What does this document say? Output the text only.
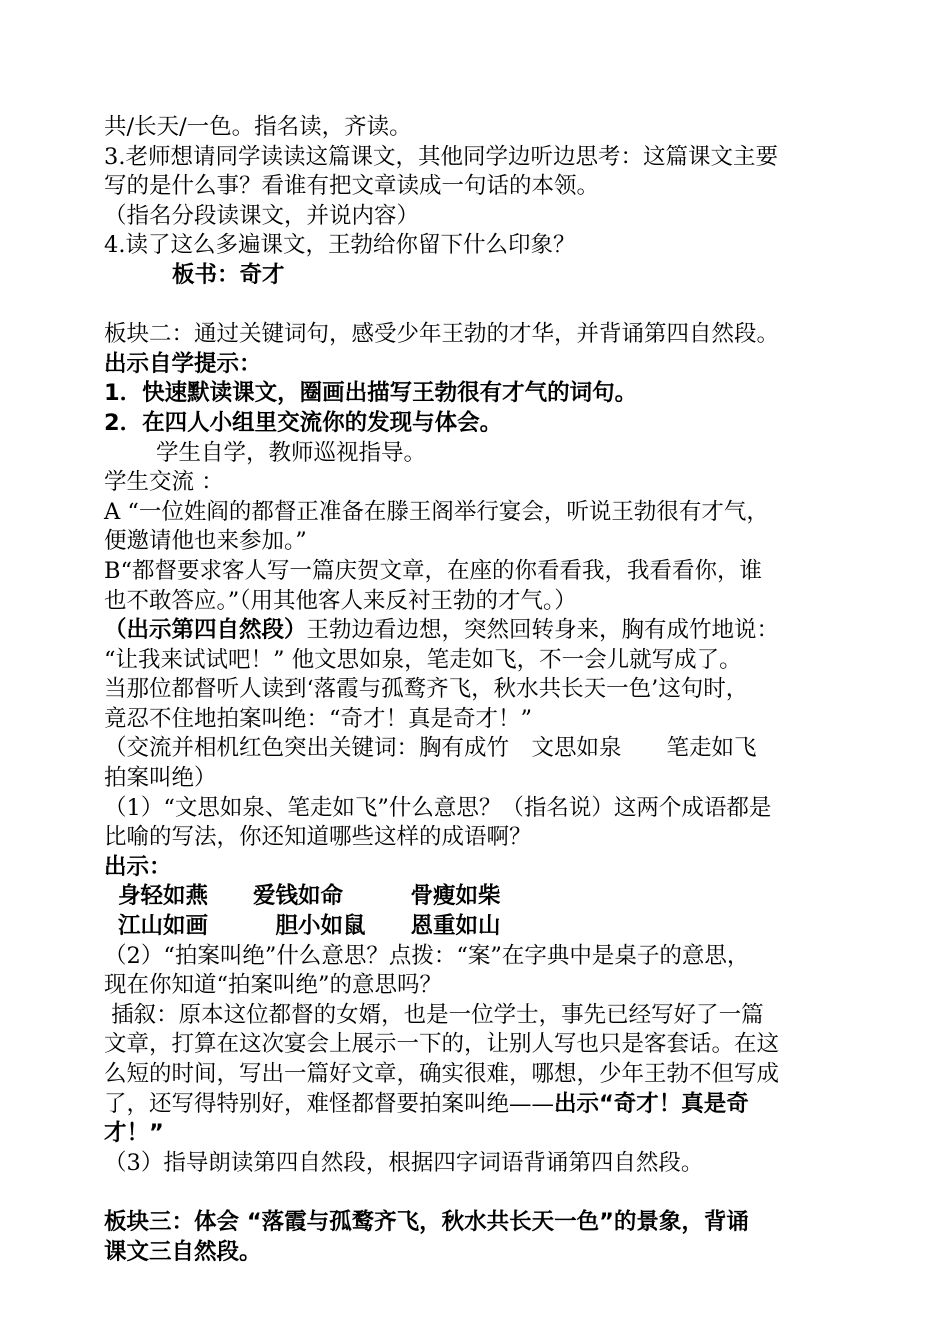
共/长天/一色。指名读，齐读。
3.老师想请同学读读这篇课文，其他同学边听边思考：这篇课文主要
写的是什么事？看谁有把文章读成一句话的本领。
（指名分段读课文，并说内容）
4.读了这么多遍课文，王勃给你留下什么印象？
板书：奇才
板块二：通过关键词句，感受少年王勃的才华，并背诵第四自然段。
出示自学提示：
1．快速默读课文，圈画出描写王勃很有才气的词句。
2．在四人小组里交流你的发现与体会。
学生自学，教师巡视指导。
学生交流 ：
A “一位姓阎的都督正准备在滕王阁举行宴会，听说王勃很有才气，
便邀请他也来参加。”
B“都督要求客人写一篇庆贺文章，在座的你看看我，我看看你，谁
也不敢答应。”（用其他客人来反衬王勃的才气。）
（出示第四自然段）王勃边看边想，突然回转身来，胸有成竹地说：
“让我来试试吧！” 他文思如泉，笔走如飞，不一会儿就写成了。
当那位都督听人读到‘落霞与孤鹜齐飞，秋水共长天一色’这句时，
竟忍不住地拍案叫绝：“奇才！真是奇才！”
（交流并相机红色突出关键词：胸有成竹　文思如泉　　笔走如飞
拍案叫绝）
（1）“文思如泉、笔走如飞”什么意思？（指名说）这两个成语都是
比喻的写法，你还知道哪些这样的成语啊？
出示：
身轻如燕　　爱钱如命　　　骨瘦如柴
江山如画　　　胆小如鼠　　恩重如山
（2）“拍案叫绝”什么意思？点拨：“案”在字典中是桌子的意思，
现在你知道“拍案叫绝”的意思吗？
插叙：原本这位都督的女婿，也是一位学士，事先已经写好了一篇
文章，打算在这次宴会上展示一下的，让别人写也只是客套话。在这
么短的时间，写出一篇好文章，确实很难，哪想，少年王勃不但写成
了，还写得特别好，难怪都督要拍案叫绝——出示“奇才！真是奇
才！”
（3）指导朗读第四自然段，根据四字词语背诵第四自然段。
板块三：体会 “落霞与孤鹜齐飞，秋水共长天一色”的景象，背诵
课文三自然段。
